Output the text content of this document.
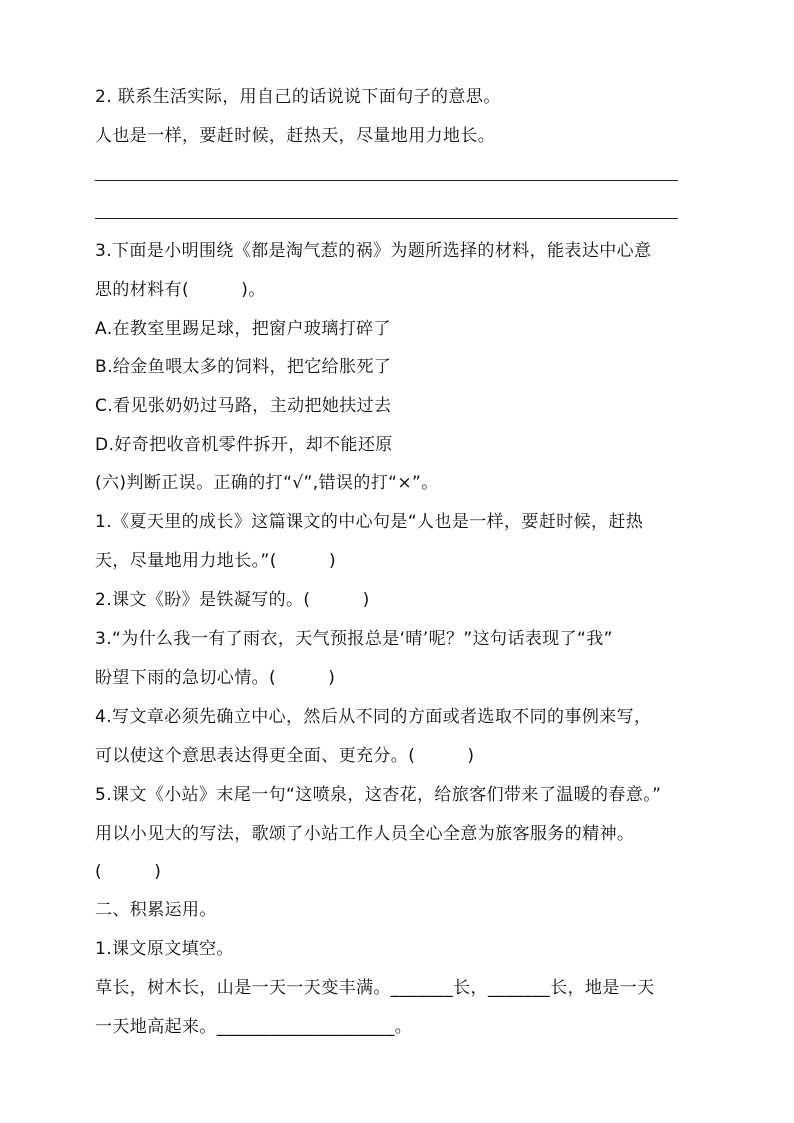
2. 联系生活实际，用自己的话说说下面句子的意思。
人也是一样，要赶时候，赶热天，尽量地用力地长。
3.下面是小明围绕《都是淘气惹的祸》为题所选择的材料，能表达中心意
思的材料有(　　　)。
A.在教室里踢足球，把窗户玻璃打碎了
B.给金鱼喂太多的饲料，把它给胀死了
C.看见张奶奶过马路，主动把她扶过去
D.好奇把收音机零件拆开，却不能还原
(六)判断正误。正确的打“√”,错误的打“×”。
1.《夏天里的成长》这篇课文的中心句是“人也是一样，要赶时候，赶热
天，尽量地用力地长。”(　　　)
2.课文《盼》是铁凝写的。(　　　)
3.“为什么我一有了雨衣，天气预报总是‘晴’呢？”这句话表现了“我”
盼望下雨的急切心情。(　　　)
4.写文章必须先确立中心，然后从不同的方面或者选取不同的事例来写，
可以使这个意思表达得更全面、更充分。(　　　)
5.课文《小站》末尾一句“这喷泉，这杏花，给旅客们带来了温暖的春意。”
用以小见大的写法，歌颂了小站工作人员全心全意为旅客服务的精神。
(　　　)
二、积累运用。
1.课文原文填空。
草长，树木长，山是一天一天变丰满。_______长，_______长，地是一天
一天地高起来。____________________。
